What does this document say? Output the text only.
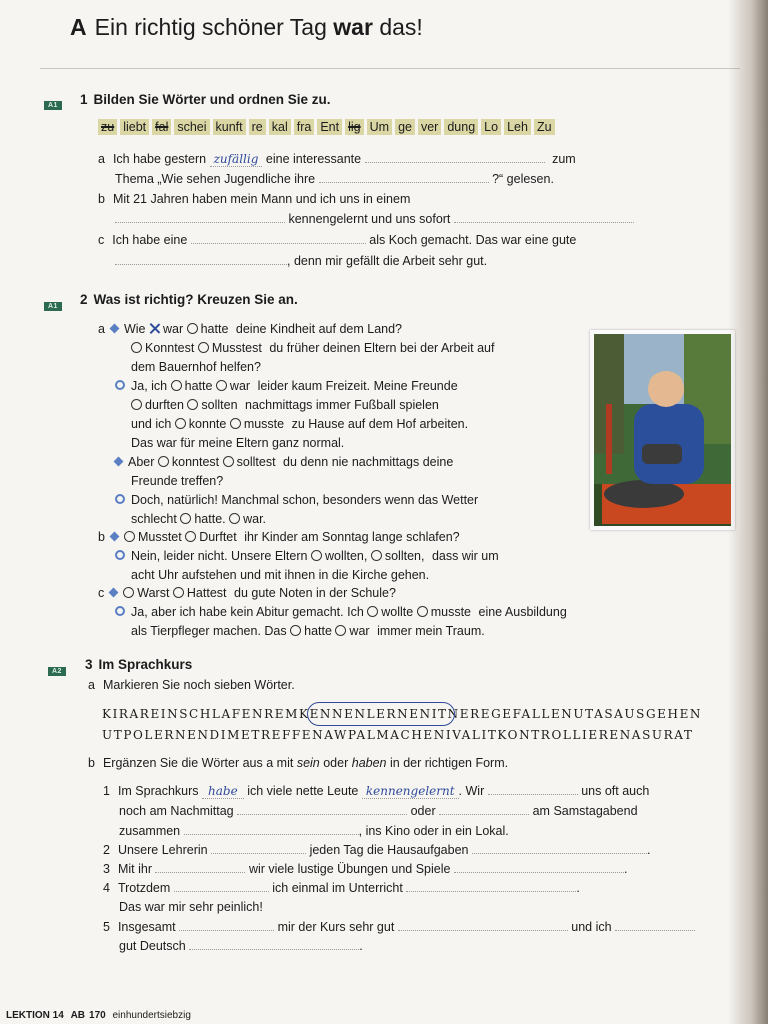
A Ein richtig schöner Tag war das!
A1 1 Bilden Sie Wörter und ordnen Sie zu.
zu liebt fal schei kunft re kal fra Ent lig Um ge ver dung Lo Leh Zu
a Ich habe gestern zufällig eine interessante	zum
Thema „Wie sehen Jugendliche ihre	?“ gelesen.
b Mit 21 Jahren haben mein Mann und ich uns in einem
kennengelernt und uns sofort
c Ich habe eine	als Koch gemacht. Das war eine gute
, denn mir gefällt die Arbeit sehr gut.
A1 2 Was ist richtig? Kreuzen Sie an.
a Wie war hatte deine Kindheit auf dem Land?
Konntest Musstest du früher deinen Eltern bei der Arbeit auf
dem Bauernhof helfen?
Ja, ich hatte war leider kaum Freizeit. Meine Freunde
durften sollten nachmittags immer Fußball spielen
und ich konnte musste zu Hause auf dem Hof arbeiten.
Das war für meine Eltern ganz normal.
Aber konntest solltest du denn nie nachmittags deine
Freunde treffen?
Doch, natürlich! Manchmal schon, besonders wenn das Wetter
schlecht hatte. war.
b	Musstet Durftet ihr Kinder am Sonntag lange schlafen?
Nein, leider nicht. Unsere Eltern wollten, sollten, dass wir um
acht Uhr aufstehen und mit ihnen in die Kirche gehen.
c	Warst Hattest du gute Noten in der Schule?
Ja, aber ich habe kein Abitur gemacht. Ich wollte musste eine Ausbildung
als Tierpfleger machen. Das hatte war immer mein Traum.
A2 3 Im Sprachkurs
a Markieren Sie noch sieben Wörter.
KIRAREINSCHLAFENREMKENNENLERNENITNEREGEFALLENUTASAUSGEHEN
UTPOLERNENDIMETREFFENAWPALMACHENIVALITKONTROLLIERENASURAT
b Ergänzen Sie die Wörter aus a mit sein oder haben in der richtigen Form.
1 Im Sprachkurs habe ich viele nette Leute kennengelernt . Wir	uns oft auch
noch am Nachmittag	oder	am Samstagabend
zusammen	, ins Kino oder in ein Lokal.
2 Unsere Lehrerin	jeden Tag die Hausaufgaben	.
3 Mit ihr	wir viele lustige Übungen und Spiele	.
4 Trotzdem	ich einmal im Unterricht	.
Das war mir sehr peinlich!
5 Insgesamt	mir der Kurs sehr gut	und ich
gut Deutsch	.
LEKTION 14 AB 170 einhundertsiebzig
